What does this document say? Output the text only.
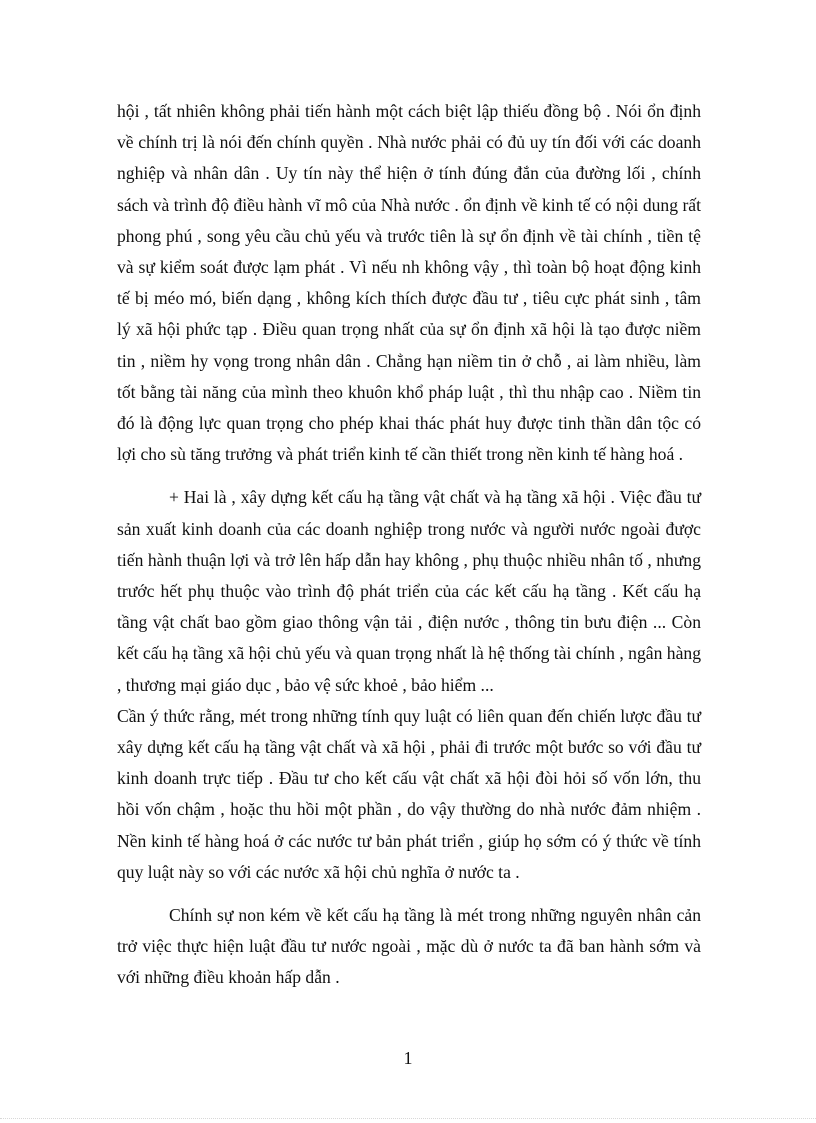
hội , tất nhiên không phải tiến hành một cách biệt lập thiếu đồng bộ . Nói ổn định về chính trị là nói đến chính quyền . Nhà nước phải có đủ uy tín đối với các doanh nghiệp và nhân dân . Uy tín này thể hiện ở tính đúng đắn của đường lối , chính sách và trình độ điều hành vĩ mô của Nhà nước . ổn định về kinh tế có nội dung rất phong phú , song yêu cầu chủ yếu và trước tiên là sự ổn định về tài chính , tiền tệ và sự kiểm soát được lạm phát . Vì nếu nh không vậy , thì toàn bộ hoạt động kinh tế bị méo mó, biến dạng , không kích thích được đầu tư , tiêu cực phát sinh , tâm lý xã hội phức tạp . Điều quan trọng nhất của sự ổn định xã hội là tạo được niềm tin , niềm hy vọng trong nhân dân . Chẳng hạn niềm tin ở chỗ , ai làm nhiều, làm tốt bằng tài năng của mình theo khuôn khổ pháp luật , thì thu nhập cao . Niềm tin đó là động lực quan trọng cho phép khai thác phát huy được tinh thần dân tộc có lợi cho sù tăng trưởng và phát triển kinh tế cần thiết trong nền kinh tế hàng hoá .

+ Hai là , xây dựng kết cấu hạ tầng vật chất và hạ tầng xã hội . Việc đầu tư sản xuất kinh doanh của các doanh nghiệp trong nước và người nước ngoài được tiến hành thuận lợi và trở lên hấp dẫn hay không , phụ thuộc nhiều nhân tố , nhưng trước hết phụ thuộc vào trình độ phát triển của các kết cấu hạ tầng . Kết cấu hạ tầng vật chất bao gồm giao thông vận tải , điện nước , thông tin bưu điện ... Còn kết cấu hạ tầng xã hội chủ yếu và quan trọng nhất là hệ thống tài chính , ngân hàng , thương mại giáo dục , bảo vệ sức khoẻ , bảo hiểm ...

Cần ý thức rằng, mét trong những tính quy luật có liên quan đến chiến lược đầu tư xây dựng kết cấu hạ tầng vật chất và xã hội , phải đi trước một bước so với đầu tư kinh doanh trực tiếp . Đầu tư cho kết cấu vật chất xã hội đòi hỏi số vốn lớn, thu hồi vốn chậm , hoặc thu hồi một phần , do vậy thường do nhà nước đảm nhiệm . Nền kinh tế hàng hoá ở các nước tư bản phát triển , giúp họ sớm có ý thức về tính quy luật này so với các nước xã hội chủ nghĩa ở nước ta .

Chính sự non kém về kết cấu hạ tầng là mét trong những nguyên nhân cản trở việc thực hiện luật đầu tư nước ngoài , mặc dù ở nước ta đã ban hành sớm và với những điều khoản hấp dẫn .

1
